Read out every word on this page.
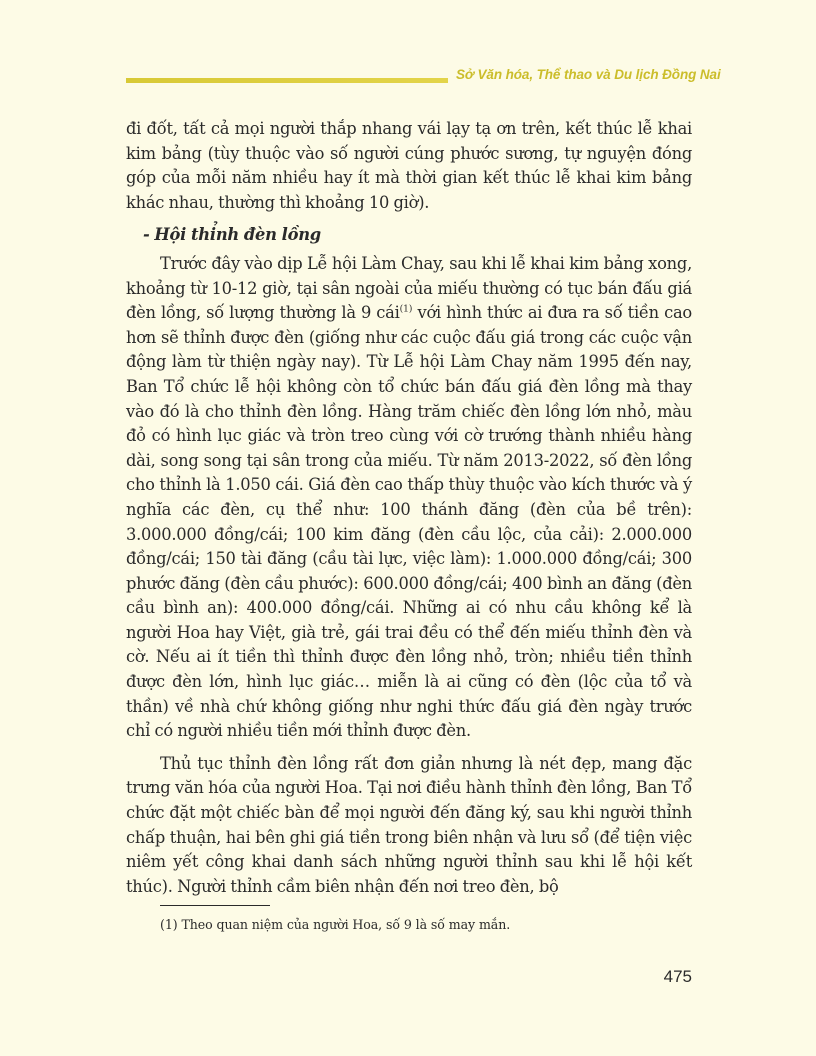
Sở Văn hóa, Thể thao và Du lịch Đồng Nai

đi đốt, tất cả mọi người thắp nhang vái lạy tạ ơn trên, kết thúc lễ khai kim bảng (tùy thuộc vào số người cúng phước sương, tự nguyện đóng góp của mỗi năm nhiều hay ít mà thời gian kết thúc lễ khai kim bảng khác nhau, thường thì khoảng 10 giờ).

- Hội thỉnh đèn lồng

Trước đây vào dịp Lễ hội Làm Chay, sau khi lễ khai kim bảng xong, khoảng từ 10-12 giờ, tại sân ngoài của miếu thường có tục bán đấu giá đèn lồng, số lượng thường là 9 cái$^{(1)}$ với hình thức ai đưa ra số tiền cao hơn sẽ thỉnh được đèn (giống như các cuộc đấu giá trong các cuộc vận động làm từ thiện ngày nay). Từ Lễ hội Làm Chay năm 1995 đến nay, Ban Tổ chức lễ hội không còn tổ chức bán đấu giá đèn lồng mà thay vào đó là cho thỉnh đèn lồng. Hàng trăm chiếc đèn lồng lớn nhỏ, màu đỏ có hình lục giác và tròn treo cùng với cờ trướng thành nhiều hàng dài, song song tại sân trong của miếu. Từ năm 2013-2022, số đèn lồng cho thỉnh là 1.050 cái. Giá đèn cao thấp thùy thuộc vào kích thước và ý nghĩa các đèn, cụ thể như: 100 thánh đăng (đèn của bề trên): 3.000.000 đồng/cái; 100 kim đăng (đèn cầu lộc, của cải): 2.000.000 đồng/cái; 150 tài đăng (cầu tài lực, việc làm): 1.000.000 đồng/cái; 300 phước đăng (đèn cầu phước): 600.000 đồng/cái; 400 bình an đăng (đèn cầu bình an): 400.000 đồng/cái. Những ai có nhu cầu không kể là người Hoa hay Việt, già trẻ, gái trai đều có thể đến miếu thỉnh đèn và cờ. Nếu ai ít tiền thì thỉnh được đèn lồng nhỏ, tròn; nhiều tiền thỉnh được đèn lớn, hình lục giác… miễn là ai cũng có đèn (lộc của tổ và thần) về nhà chứ không giống như nghi thức đấu giá đèn ngày trước chỉ có người nhiều tiền mới thỉnh được đèn.

Thủ tục thỉnh đèn lồng rất đơn giản nhưng là nét đẹp, mang đặc trưng văn hóa của người Hoa. Tại nơi điều hành thỉnh đèn lồng, Ban Tổ chức đặt một chiếc bàn để mọi người đến đăng ký, sau khi người thỉnh chấp thuận, hai bên ghi giá tiền trong biên nhận và lưu sổ (để tiện việc niêm yết công khai danh sách những người thỉnh sau khi lễ hội kết thúc). Người thỉnh cầm biên nhận đến nơi treo đèn, bộ

(1) Theo quan niệm của người Hoa, số 9 là số may mắn.
475
